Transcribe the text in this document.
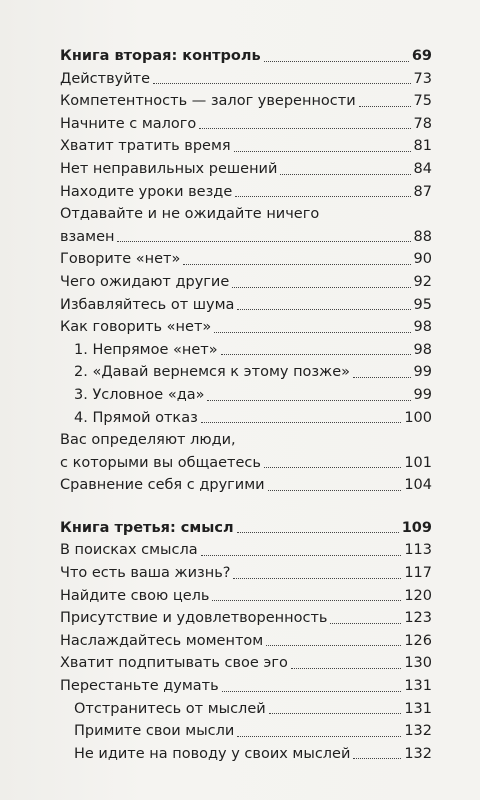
Книга вторая: контроль	69
Действуйте	73
Компетентность — залог уверенности	75
Начните с малого	78
Хватит тратить время	81
Нет неправильных решений	84
Находите уроки везде	87
Отдавайте и не ожидайте ничего
взамен	88
Говорите «нет»	90
Чего ожидают другие	92
Избавляйтесь от шума	95
Как говорить «нет»	98
1. Непрямое «нет»	98
2. «Давай вернемся к этому позже»	99
3. Условное «да»	99
4. Прямой отказ	100
Вас определяют люди,
с которыми вы общаетесь	101
Сравнение себя с другими	104
Книга третья: смысл	109
В поисках смысла	113
Что есть ваша жизнь?	117
Найдите свою цель	120
Присутствие и удовлетворенность	123
Наслаждайтесь моментом	126
Хватит подпитывать свое эго	130
Перестаньте думать	131
Отстранитесь от мыслей	131
Примите свои мысли	132
Не идите на поводу у своих мыслей	132
